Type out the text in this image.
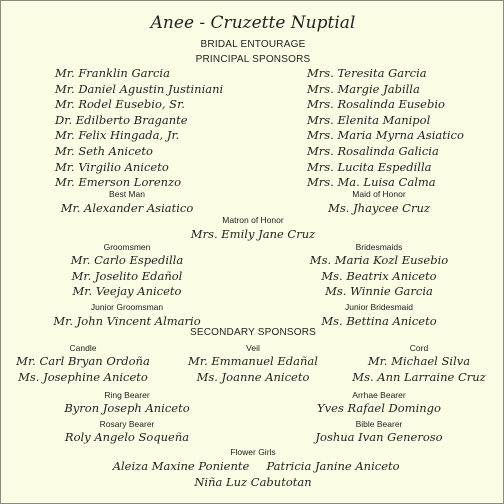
Anee - Cruzette Nuptial
BRIDAL ENTOURAGE
PRINCIPAL SPONSORS
Mr. Franklin Garcia
Mr. Daniel Agustin Justiniani
Mr. Rodel Eusebio, Sr.
Dr. Edilberto Bragante
Mr. Felix Hingada, Jr.
Mr. Seth Aniceto
Mr. Virgilio Aniceto
Mr. Emerson Lorenzo
Mrs. Teresita Garcia
Mrs. Margie Jabilla
Mrs. Rosalinda Eusebio
Mrs. Elenita Manipol
Mrs. Maria Myrna Asiatico
Mrs. Rosalinda Galicia
Mrs. Lucita Espedilla
Mrs. Ma. Luisa Calma
Best Man
Mr. Alexander Asiatico
Maid of Honor
Ms. Jhaycee Cruz
Matron of Honor
Mrs. Emily Jane Cruz
Groomsmen
Mr. Carlo Espedilla
Mr. Joselito Edañol
Mr. Veejay Aniceto
Bridesmaids
Ms. Maria Kozl Eusebio
Ms. Beatrix Aniceto
Ms. Winnie Garcia
Junior Groomsman
Mr. John Vincent Almario
Junior Bridesmaid
Ms. Bettina Aniceto
SECONDARY SPONSORS
Candle
Mr. Carl Bryan Ordoña
Ms. Josephine Aniceto
Veil
Mr. Emmanuel Edañal
Ms. Joanne Aniceto
Cord
Mr. Michael Silva
Ms. Ann Larraine Cruz
Ring Bearer
Byron Joseph Aniceto
Arrhae Bearer
Yves Rafael Domingo
Rosary Bearer
Roly Angelo Soqueña
Bible Bearer
Joshua Ivan Generoso
Flower Girls
Aleiza Maxine Poniente Patricia Janine Aniceto
Niña Luz Cabutotan
